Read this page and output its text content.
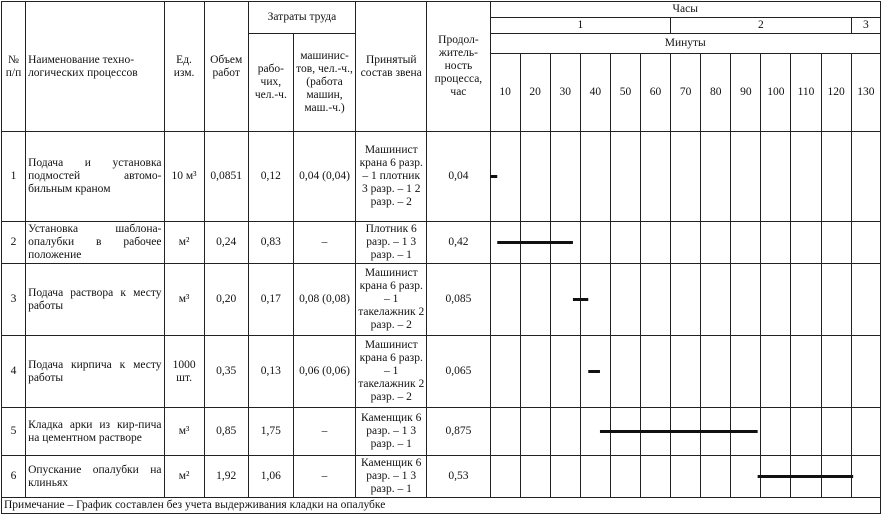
№ п/п	Наименование техно-логических процессов	Ед. изм.	Объем работ	Затраты труда		Принятый состав звена	Продол-житель-ность процесса, час	Часы												
								1						2						3
				рабо-чих, чел.-ч.	машинис-тов, чел.-ч., (работа машин, маш.-ч.)			Минуты												
								10	20	30	40	50	60	70	80	90	100	110	120	130
1	Подача и установка подмостей автомо-бильным краном	10 м³	0,0851	0,12	0,04 (0,04)	Машинист крана 6 разр. – 1 плотник 3 разр. – 1 2 разр. – 2	0,04													
2	Установка шаблона-опалубки в рабочее положение	м²	0,24	0,83	–	Плотник 6 разр. – 1 3 разр. – 1	0,42													
3	Подача раствора к месту работы	м³	0,20	0,17	0,08 (0,08)	Машинист крана 6 разр. – 1 такелажник 2 разр. – 2	0,085													
4	Подача кирпича к месту работы	1000 шт.	0,35	0,13	0,06 (0,06)	Машинист крана 6 разр. – 1 такелажник 2 разр. – 2	0,065													
5	Кладка арки из кир-пича на цементном растворе	м³	0,85	1,75	–	Каменщик 6 разр. – 1 3 разр. – 1	0,875													
6	Опускание опалубки на клиньях	м²	1,92	1,06	–	Каменщик 6 разр. – 1 3 разр. – 1	0,53													
Примечание – График составлен без учета выдерживания кладки на опалубке																				
